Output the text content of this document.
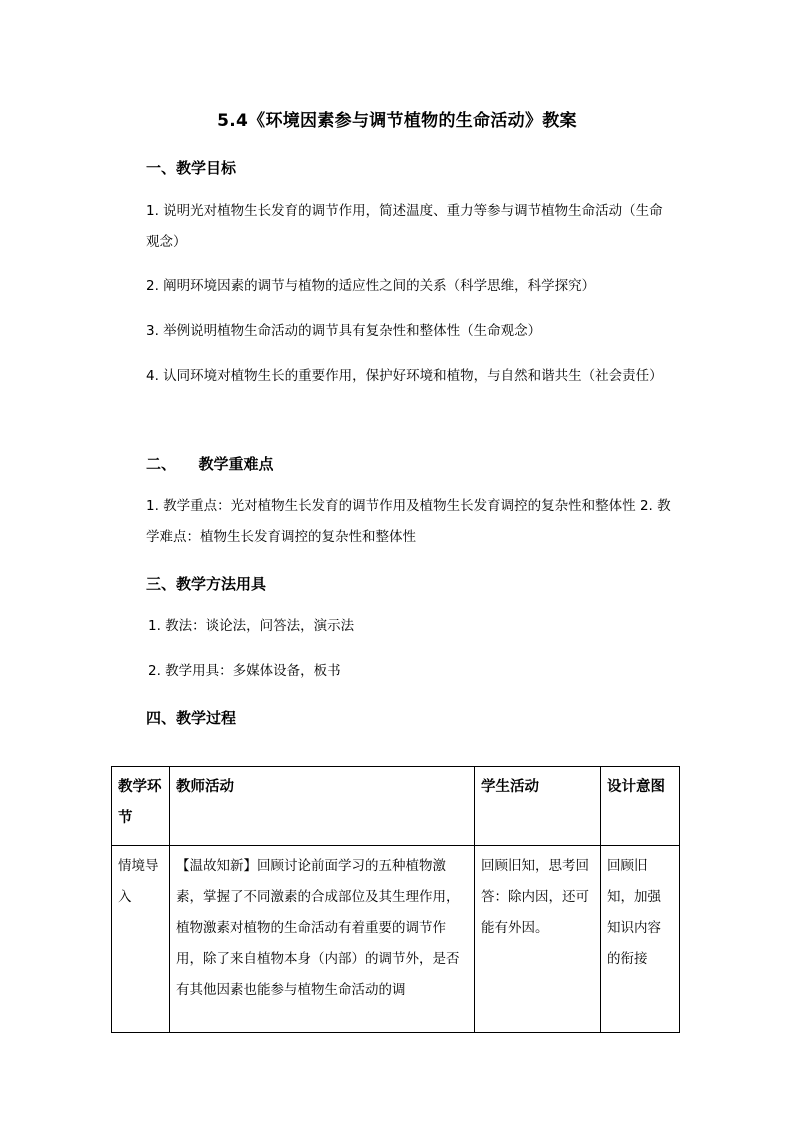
5.4《环境因素参与调节植物的生命活动》教案
一、教学目标
1. 说明光对植物生长发育的调节作用，简述温度、重力等参与调节植物生命活动（生命观念）
2. 阐明环境因素的调节与植物的适应性之间的关系（科学思维，科学探究）
3. 举例说明植物生命活动的调节具有复杂性和整体性（生命观念）
4. 认同环境对植物生长的重要作用，保护好环境和植物，与自然和谐共生（社会责任）
二、　　教学重难点
1. 教学重点：光对植物生长发育的调节作用及植物生长发育调控的复杂性和整体性 2. 教学难点：植物生长发育调控的复杂性和整体性
三、教学方法用具
1. 教法：谈论法，问答法，演示法
2. 教学用具：多媒体设备，板书
四、教学过程
教学环节	教师活动	学生活动	设计意图

情境导入	【温故知新】回顾讨论前面学习的五种植物激素，掌握了不同激素的合成部位及其生理作用，植物激素对植物的生命活动有着重要的调节作用，除了来自植物本身（内部）的调节外，是否有其他因素也能参与植物生命活动的调	回顾旧知，思考回答：除内因，还可能有外因。	回顾旧知，加强知识内容的衔接
